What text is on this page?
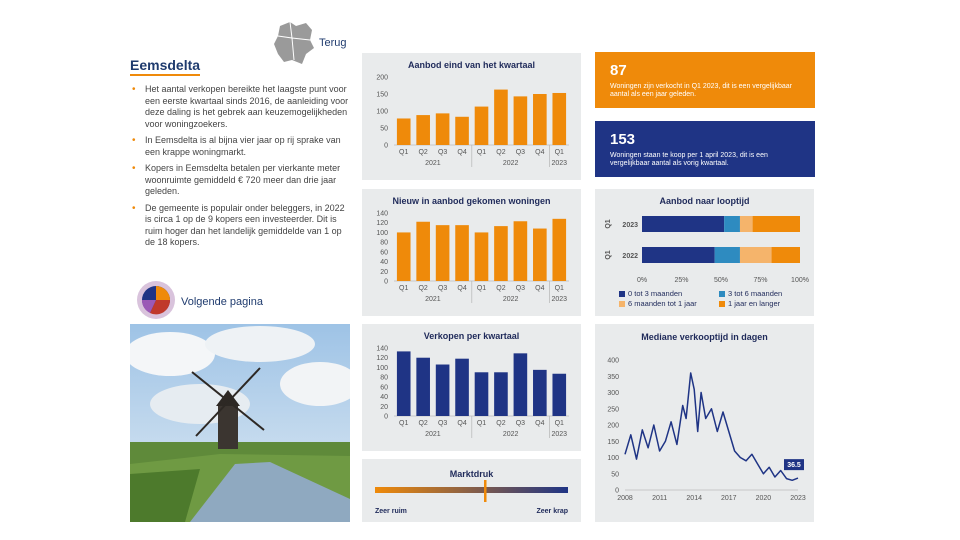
Terug
Eemsdelta
• Het aantal verkopen bereikte het laagste punt voor een eerste kwartaal sinds 2016, de aanleiding voor deze daling is het gebrek aan keuzemogelijkheden voor woningzoekers.
• In Eemsdelta is al bijna vier jaar op rij sprake van een krappe woningmarkt.
• Kopers in Eemsdelta betalen per vierkante meter woonruimte gemiddeld € 720 meer dan drie jaar geleden.
• De gemeente is populair onder beleggers, in 2022 is circa 1 op de 9 kopers een investeerder. Dit is ruim hoger dan het landelijk gemiddelde van 1 op de 18 kopers.
Volgende pagina
Aanbod eind van het kwartaal
0
50
100
150
200
Q1 Q2 Q3 Q4 Q1 Q2 Q3 Q4 Q1
2021	2022	2023
Nieuw in aanbod gekomen woningen
0
20
40
60
80
100
120
140
Q1 Q2 Q3 Q4 Q1 Q2 Q3 Q4 Q1
2021	2022	2023
Verkopen per kwartaal
0
20
40
60
80
100
120
140
Q1 Q2 Q3 Q4 Q1 Q2 Q3 Q4 Q1
2021	2022	2023
Marktdruk
Zeer ruim	Zeer krap
87
Woningen zijn verkocht in Q1 2023, dit is een vergelijkbaar aantal als een jaar geleden.
153
Woningen staan te koop per 1 april 2023, dit is een vergelijkbaar aantal als vorig kwartaal.
Aanbod naar looptijd
2023
Q1
2022
Q1
0%	25%	50%	75%	100%
0 tot 3 maanden	3 tot 6 maanden
6 maanden tot 1 jaar	1 jaar en langer
Mediane verkooptijd in dagen
0
50
100
150
200
250
300
350
400
2008	2011	2014	2017	2020	2023
36.5
